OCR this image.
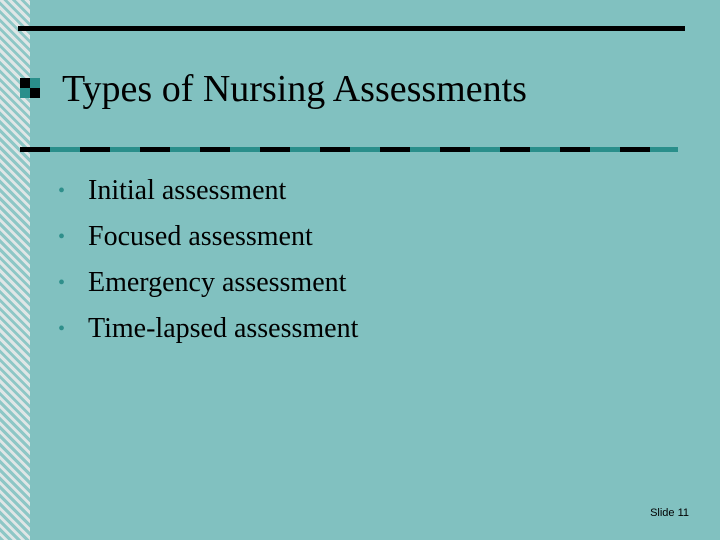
Types of Nursing Assessments
• Initial assessment
• Focused assessment
• Emergency assessment
• Time-lapsed assessment
Slide 11
